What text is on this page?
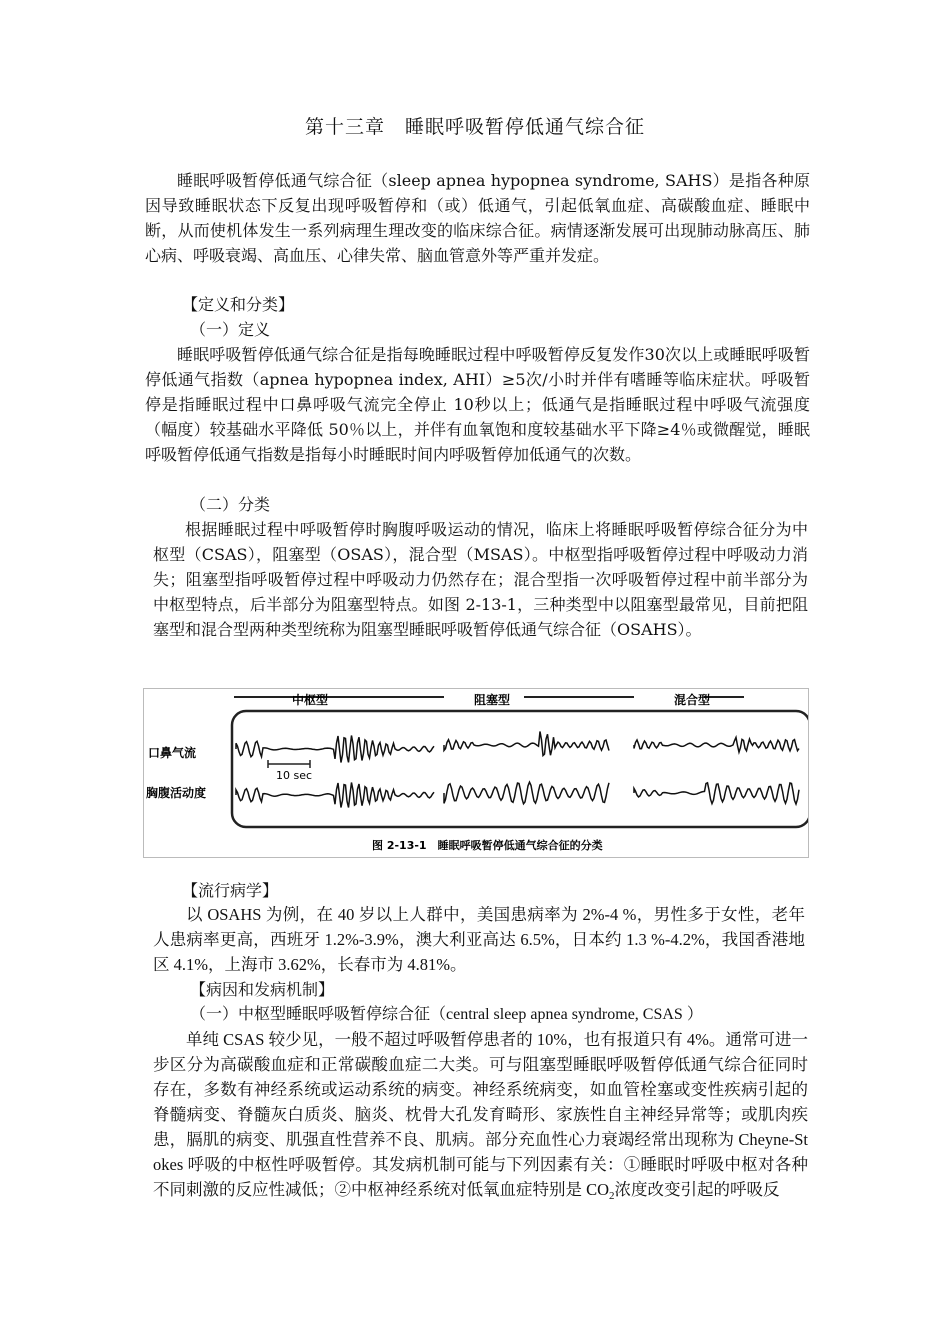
第十三章　睡眠呼吸暂停低通气综合征
睡眠呼吸暂停低通气综合征（sleep apnea hypopnea syndrome, SAHS）是指各种原因导致睡眠状态下反复出现呼吸暂停和（或）低通气，引起低氧血症、高碳酸血症、睡眠中断，从而使机体发生一系列病理生理改变的临床综合征。病情逐渐发展可出现肺动脉高压、肺心病、呼吸衰竭、高血压、心律失常、脑血管意外等严重并发症。
【定义和分类】
（一）定义
睡眠呼吸暂停低通气综合征是指每晚睡眠过程中呼吸暂停反复发作30次以上或睡眠呼吸暂停低通气指数（apnea hypopnea index, AHI）≥5次/小时并伴有嗜睡等临床症状。呼吸暂停是指睡眠过程中口鼻呼吸气流完全停止 10秒以上；低通气是指睡眠过程中呼吸气流强度（幅度）较基础水平降低 50％以上，并伴有血氧饱和度较基础水平下降≥4％或微醒觉，睡眠呼吸暂停低通气指数是指每小时睡眠时间内呼吸暂停加低通气的次数。
（二）分类
根据睡眠过程中呼吸暂停时胸腹呼吸运动的情况，临床上将睡眠呼吸暂停综合征分为中枢型（CSAS），阻塞型（OSAS），混合型（MSAS）。中枢型指呼吸暂停过程中呼吸动力消失；阻塞型指呼吸暂停过程中呼吸动力仍然存在；混合型指一次呼吸暂停过程中前半部分为中枢型特点，后半部分为阻塞型特点。如图 2-13-1，三种类型中以阻塞型最常见，目前把阻塞型和混合型两种类型统称为阻塞型睡眠呼吸暂停低通气综合征（OSAHS）。
中枢型	阻塞型	混合型
口鼻气流
胸腹活动度
10 sec
图 2-13-1　睡眠呼吸暂停低通气综合征的分类
【流行病学】
以 OSAHS 为例，在 40 岁以上人群中，美国患病率为 2%-4 %，男性多于女性，老年人患病率更高，西班牙 1.2%-3.9%，澳大利亚高达 6.5%，日本约 1.3 %-4.2%，我国香港地区 4.1%，上海市 3.62%，长春市为 4.81%。
【病因和发病机制】
（一）中枢型睡眠呼吸暂停综合征（central sleep apnea syndrome, CSAS ）
单纯 CSAS 较少见，一般不超过呼吸暂停患者的 10%，也有报道只有 4%。通常可进一步区分为高碳酸血症和正常碳酸血症二大类。可与阻塞型睡眠呼吸暂停低通气综合征同时存在，多数有神经系统或运动系统的病变。神经系统病变，如血管栓塞或变性疾病引起的脊髓病变、脊髓灰白质炎、脑炎、枕骨大孔发育畸形、家族性自主神经异常等；或肌肉疾患，膈肌的病变、肌强直性营养不良、肌病。部分充血性心力衰竭经常出现称为 Cheyne-Stokes 呼吸的中枢性呼吸暂停。其发病机制可能与下列因素有关：①睡眠时呼吸中枢对各种不同刺激的反应性减低；②中枢神经系统对低氧血症特别是 $CO_2$浓度改变引起的呼吸反
